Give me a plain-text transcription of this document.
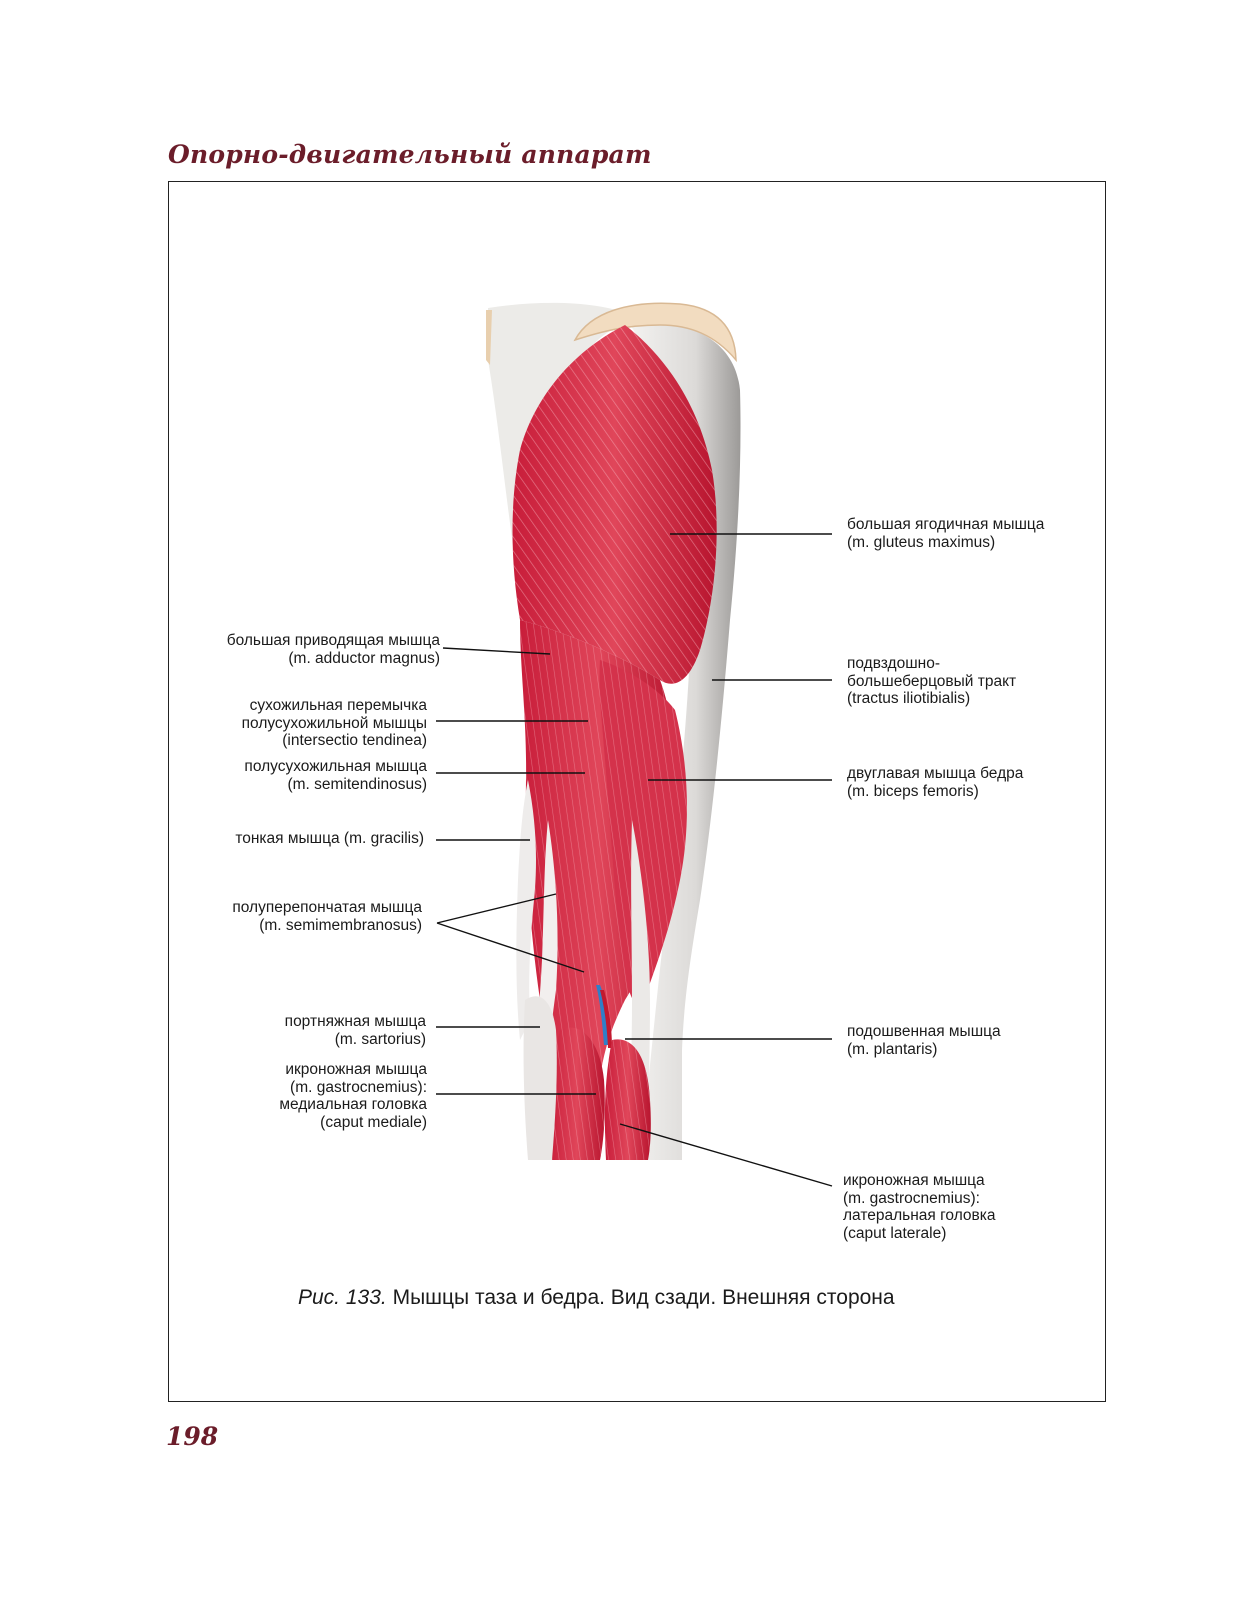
Опорно-двигательный аппарат
большая приводящая мышца
(m. adductor magnus)
сухожильная перемычка
полусухожильной мышцы
(intersectio tendinea)
полусухожильная мышца
(m. semitendinosus)
тонкая мышца (m. gracilis)
полуперепончатая мышца
(m. semimembranosus)
портняжная мышца
(m. sartorius)
икроножная мышца
(m. gastrocnemius):
медиальная головка
(caput mediale)
большая ягодичная мышца
(m. gluteus maximus)
подвздошно-
большеберцовый тракт
(tractus iliotibialis)
двуглавая мышца бедра
(m. biceps femoris)
подошвенная мышца
(m. plantaris)
икроножная мышца
(m. gastrocnemius):
латеральная головка
(caput laterale)
Рис. 133. Мышцы таза и бедра. Вид сзади. Внешняя сторона
198
